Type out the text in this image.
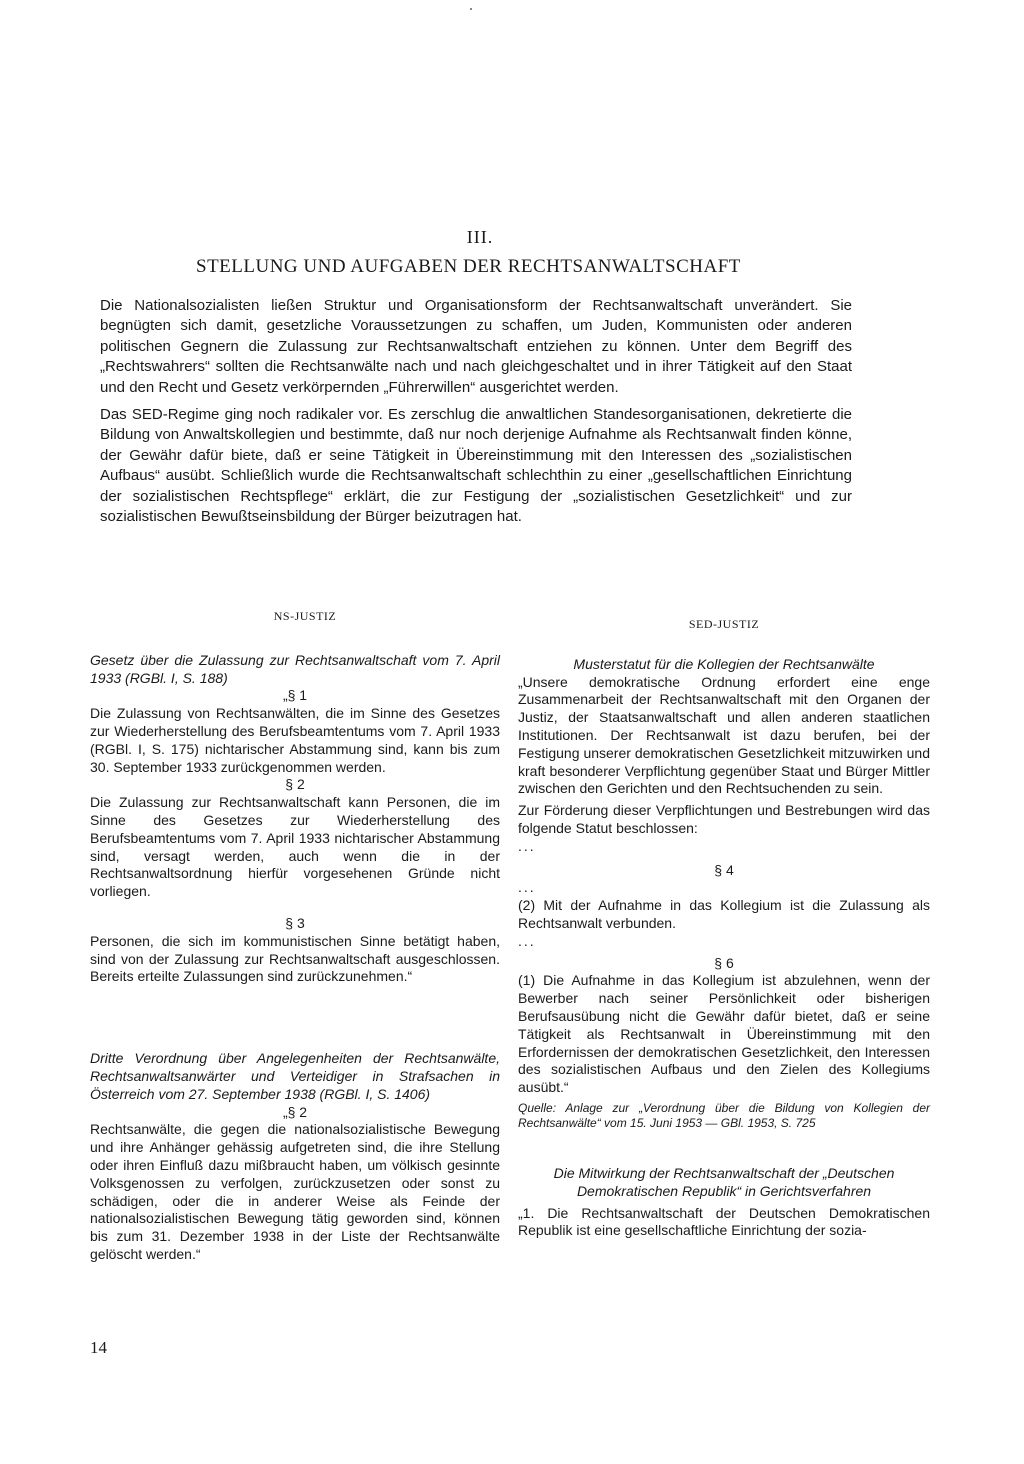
III.
STELLUNG UND AUFGABEN DER RECHTSANWALTSCHAFT

Die Nationalsozialisten ließen Struktur und Organisationsform der Rechtsanwaltschaft unverändert. Sie begnügten sich damit, gesetzliche Voraussetzungen zu schaffen, um Juden, Kommunisten oder anderen politischen Gegnern die Zulassung zur Rechtsanwaltschaft entziehen zu können. Unter dem Begriff des „Rechtswahrers“ sollten die Rechtsanwälte nach und nach gleichgeschaltet und in ihrer Tätigkeit auf den Staat und den Recht und Gesetz verkörpernden „Führerwillen“ ausgerichtet werden.

Das SED-Regime ging noch radikaler vor. Es zerschlug die anwaltlichen Standesorganisationen, dekretierte die Bildung von Anwaltskollegien und bestimmte, daß nur noch derjenige Aufnahme als Rechtsanwalt finden könne, der Gewähr dafür biete, daß er seine Tätigkeit in Übereinstimmung mit den Interessen des „sozialistischen Aufbaus“ ausübt. Schließlich wurde die Rechtsanwaltschaft schlechthin zu einer „gesellschaftlichen Einrichtung der sozialistischen Rechtspflege“ erklärt, die zur Festigung der „sozialistischen Gesetzlichkeit“ und zur sozialistischen Bewußtseinsbildung der Bürger beizutragen hat.

NS-JUSTIZ

Gesetz über die Zulassung zur Rechtsanwaltschaft vom 7. April 1933 (RGBl. I, S. 188)

„§ 1

Die Zulassung von Rechtsanwälten, die im Sinne des Gesetzes zur Wiederherstellung des Berufsbeamtentums vom 7. April 1933 (RGBl. I, S. 175) nichtarischer Abstammung sind, kann bis zum 30. September 1933 zurückgenommen werden.

§ 2

Die Zulassung zur Rechtsanwaltschaft kann Personen, die im Sinne des Gesetzes zur Wiederherstellung des Berufsbeamtentums vom 7. April 1933 nichtarischer Abstammung sind, versagt werden, auch wenn die in der Rechtsanwaltsordnung hierfür vorgesehenen Gründe nicht vorliegen.

§ 3

Personen, die sich im kommunistischen Sinne betätigt haben, sind von der Zulassung zur Rechtsanwaltschaft ausgeschlossen. Bereits erteilte Zulassungen sind zurückzunehmen.“

Dritte Verordnung über Angelegenheiten der Rechtsanwälte, Rechtsanwaltsanwärter und Verteidiger in Strafsachen in Österreich vom 27. September 1938 (RGBl. I, S. 1406)

„§ 2

Rechtsanwälte, die gegen die nationalsozialistische Bewegung und ihre Anhänger gehässig aufgetreten sind, die ihre Stellung oder ihren Einfluß dazu mißbraucht haben, um völkisch gesinnte Volksgenossen zu verfolgen, zurückzusetzen oder sonst zu schädigen, oder die in anderer Weise als Feinde der nationalsozialistischen Bewegung tätig geworden sind, können bis zum 31. Dezember 1938 in der Liste der Rechtsanwälte gelöscht werden.“

SED-JUSTIZ

Musterstatut für die Kollegien der Rechtsanwälte

„Unsere demokratische Ordnung erfordert eine enge Zusammenarbeit der Rechtsanwaltschaft mit den Organen der Justiz, der Staatsanwaltschaft und allen anderen staatlichen Institutionen. Der Rechtsanwalt ist dazu berufen, bei der Festigung unserer demokratischen Gesetzlichkeit mitzuwirken und kraft besonderer Verpflichtung gegenüber Staat und Bürger Mittler zwischen den Gerichten und den Rechtsuchenden zu sein.

Zur Förderung dieser Verpflichtungen und Bestrebungen wird das folgende Statut beschlossen:

...

§ 4

...

(2) Mit der Aufnahme in das Kollegium ist die Zulassung als Rechtsanwalt verbunden.

...

§ 6

(1) Die Aufnahme in das Kollegium ist abzulehnen, wenn der Bewerber nach seiner Persönlichkeit oder bisherigen Berufsausübung nicht die Gewähr dafür bietet, daß er seine Tätigkeit als Rechtsanwalt in Übereinstimmung mit den Erfordernissen der demokratischen Gesetzlichkeit, den Interessen des sozialistischen Aufbaus und den Zielen des Kollegiums ausübt.“

Quelle: Anlage zur „Verordnung über die Bildung von Kollegien der Rechtsanwälte“ vom 15. Juni 1953 — GBl. 1953, S. 725

Die Mitwirkung der Rechtsanwaltschaft der „Deutschen Demokratischen Republik“ in Gerichtsverfahren

„1. Die Rechtsanwaltschaft der Deutschen Demokratischen Republik ist eine gesellschaftliche Einrichtung der sozia-

14
